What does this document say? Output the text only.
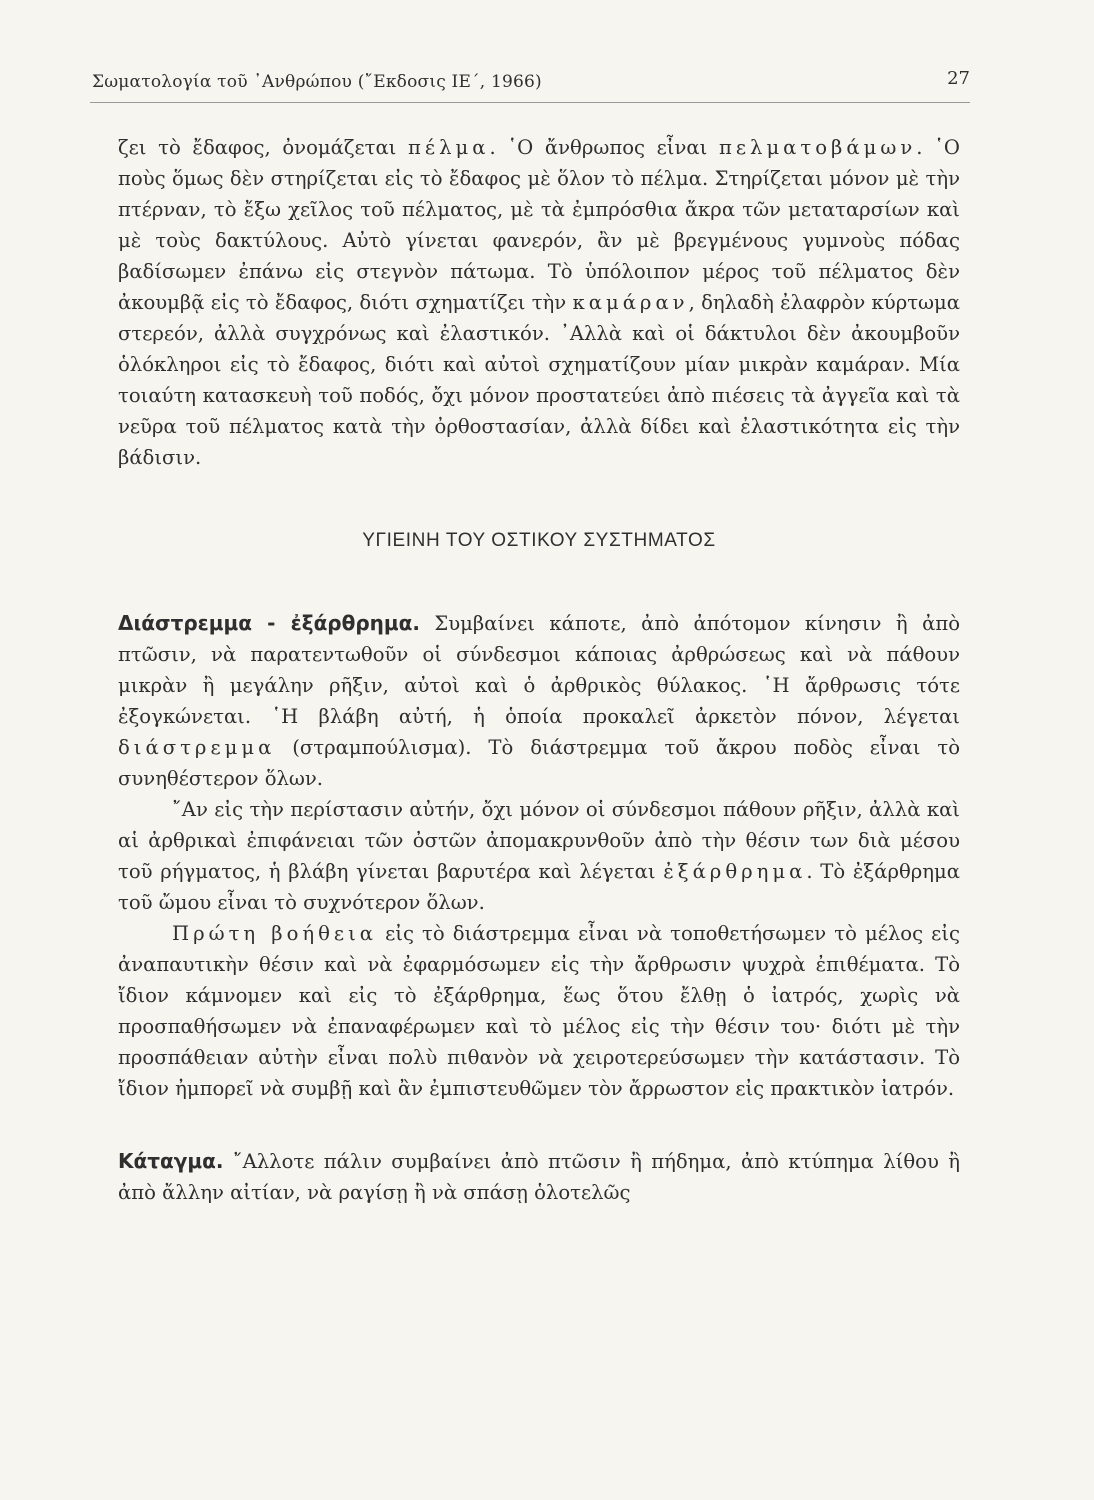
Σωματολογία τοῦ ᾿Ανθρώπου (῎Εκδοσις ΙΕ΄, 1966)	27

ζει τὸ ἔδαφος, ὀνομάζεται πέλμα. ῾Ο ἄνθρωπος εἶναι πελματοβάμων. ῾Ο ποὺς ὅμως δὲν στηρίζεται εἰς τὸ ἔδαφος μὲ ὅλον τὸ πέλμα. Στηρίζεται μόνον μὲ τὴν πτέρναν, τὸ ἔξω χεῖλος τοῦ πέλματος, μὲ τὰ ἐμπρόσθια ἄκρα τῶν μεταταρσίων καὶ μὲ τοὺς δακτύλους. Αὐτὸ γίνεται φανερόν, ἂν μὲ βρεγμένους γυμνοὺς πόδας βαδίσωμεν ἐπάνω εἰς στεγνὸν πάτωμα. Τὸ ὑπόλοιπον μέρος τοῦ πέλματος δὲν ἀκουμβᾷ εἰς τὸ ἔδαφος, διότι σχηματίζει τὴν καμάραν, δηλαδὴ ἐλαφρὸν κύρτωμα στερεόν, ἀλλὰ συγχρόνως καὶ ἐλαστικόν. ᾿Αλλὰ καὶ οἱ δάκτυλοι δὲν ἀκουμβοῦν ὁλόκληροι εἰς τὸ ἔδαφος, διότι καὶ αὐτοὶ σχηματίζουν μίαν μικρὰν καμάραν. Μία τοιαύτη κατασκευὴ τοῦ ποδός, ὄχι μόνον προστατεύει ἀπὸ πιέσεις τὰ ἀγγεῖα καὶ τὰ νεῦρα τοῦ πέλματος κατὰ τὴν ὀρθοστασίαν, ἀλλὰ δίδει καὶ ἐλαστικότητα εἰς τὴν βάδισιν.

ΥΓΙΕΙΝΗ ΤΟΥ ΟΣΤΙΚΟΥ ΣΥΣΤΗΜΑΤΟΣ

Διάστρεμμα - ἐξάρθρημα. Συμβαίνει κάποτε, ἀπὸ ἀπότομον κίνησιν ἢ ἀπὸ πτῶσιν, νὰ παρατεντωθοῦν οἱ σύνδεσμοι κάποιας ἀρθρώσεως καὶ νὰ πάθουν μικρὰν ἢ μεγάλην ρῆξιν, αὐτοὶ καὶ ὁ ἀρθρικὸς θύλακος. ῾Η ἄρθρωσις τότε ἐξογκώνεται. ῾Η βλάβη αὐτή, ἡ ὁποία προκαλεῖ ἀρκετὸν πόνον, λέγεται διάστρεμμα (στραμπούλισμα). Τὸ διάστρεμμα τοῦ ἄκρου ποδὸς εἶναι τὸ συνηθέστερον ὅλων.

῎Αν εἰς τὴν περίστασιν αὐτήν, ὄχι μόνον οἱ σύνδεσμοι πάθουν ρῆξιν, ἀλλὰ καὶ αἱ ἀρθρικαὶ ἐπιφάνειαι τῶν ὀστῶν ἀπομακρυνθοῦν ἀπὸ τὴν θέσιν των διὰ μέσου τοῦ ρήγματος, ἡ βλάβη γίνεται βαρυτέρα καὶ λέγεται ἐξάρθρημα. Τὸ ἐξάρθρημα τοῦ ὤμου εἶναι τὸ συχνότερον ὅλων.

Πρώτη βοήθεια εἰς τὸ διάστρεμμα εἶναι νὰ τοποθετήσωμεν τὸ μέλος εἰς ἀναπαυτικὴν θέσιν καὶ νὰ ἐφαρμόσωμεν εἰς τὴν ἄρθρωσιν ψυχρὰ ἐπιθέματα. Τὸ ἴδιον κάμνομεν καὶ εἰς τὸ ἐξάρθρημα, ἕως ὅτου ἔλθῃ ὁ ἰατρός, χωρὶς νὰ προσπαθήσωμεν νὰ ἐπαναφέρωμεν καὶ τὸ μέλος εἰς τὴν θέσιν του· διότι μὲ τὴν προσπάθειαν αὐτὴν εἶναι πολὺ πιθανὸν νὰ χειροτερεύσωμεν τὴν κατάστασιν. Τὸ ἴδιον ἠμπορεῖ νὰ συμβῇ καὶ ἂν ἐμπιστευθῶμεν τὸν ἄρρωστον εἰς πρακτικὸν ἰατρόν.

Κάταγμα. ῎Αλλοτε πάλιν συμβαίνει ἀπὸ πτῶσιν ἢ πήδημα, ἀπὸ κτύπημα λίθου ἢ ἀπὸ ἄλλην αἰτίαν, νὰ ραγίσῃ ἢ νὰ σπάσῃ ὁλοτελῶς
